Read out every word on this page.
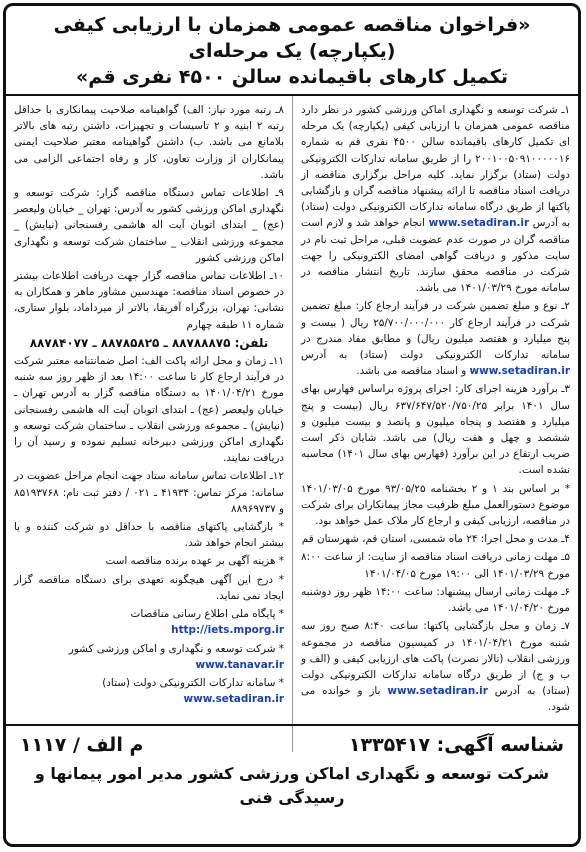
«فراخوان مناقصه عمومی همزمان با ارزیابی کیفی (یکپارچه) یک مرحله‌ای
تکمیل کارهای باقیمانده سالن ۴۵۰۰ نفری قم»

۱ـ شرکت توسعه و نگهداری اماکن ورزشی کشور در نظر دارد مناقصه عمومی همزمان با ارزیابی کیفی (یکپارچه) یک مرحله ای تکمیل کارهای باقیمانده سالن ۴۵۰۰ نفری قم به شماره ۲۰۰۱۰۰۵۰۹۱۰۰۰۰۰۱۶ را از طریق سامانه تدارکات الکترونیکی دولت (ستاد) برگزار نماید. کلیه مراحل برگزاری مناقصه از دریافت اسناد مناقصه تا ارائه پیشنهاد مناقصه گران و بازگشایی پاکتها از طریق درگاه سامانه تدارکات الکترونیکی دولت (ستاد) به آدرس www.setadiran.ir انجام خواهد شد و لازم است مناقصه گران در صورت عدم عضویت قبلی، مراحل ثبت نام در سایت مذکور و دریافت گواهی امضای الکترونیکی را جهت شرکت در مناقصه محقق سازند. تاریخ انتشار مناقصه در سامانه مورخ ۱۴۰۱/۰۳/۲۹ می باشد.

۲ـ نوع و مبلغ تضمین شرکت در فرآیند ارجاع کار: مبلغ تضمین شرکت در فرآیند ارجاع کار ۲۵/۷۰۰/۰۰۰/۰۰۰ ریال ( بیست و پنج میلیارد و هفتصد میلیون ریال) و مطابق مفاد مندرج در سامانه تدارکات الکترونیکی دولت (ستاد) به آدرس www.setadiran.ir و اسناد مناقصه می باشد.

۳ـ برآورد هزینه اجرای کار: اجرای پروژه براساس فهارس بهای سال ۱۴۰۱ برابر ۶۳۷/۶۴۷/۵۲۰/۷۵۰/۲۵ ریال (بیست و پنج میلیارد و هفتصد و پنجاه میلیون و پانصد و بیست میلیون و ششصد و چهل و هفت ریال) می باشد. شایان ذکر است ضریب ارتفاع در این برآورد (فهارس بهای سال ۱۴۰۱) محاسبه نشده است.

* بر اساس بند ۱ و ۲ بخشنامه ۹۳/۰۵/۲۵ مورخ ۱۴۰۱/۰۳/۰۵ موضوع دستورالعمل مبلغ ظرفیت مجاز پیمانکاران برای شرکت در مناقصه، ارزیابی کیفی و ارجاع کار ملاک عمل خواهد بود.

۴ـ مدت و محل اجرا: ۲۴ ماه شمسی، استان قم، شهرستان قم

۵ـ مهلت زمانی دریافت اسناد مناقصه از سایت: از ساعت ۸:۰۰ مورخ ۱۴۰۱/۰۳/۲۹ الی ۱۹:۰۰ مورخ ۱۴۰۱/۰۴/۰۵

۶ـ مهلت زمانی ارسال پیشنهاد: ساعت ۱۴:۰۰ ظهر روز دوشنبه مورخ ۱۴۰۱/۰۴/۲۰ می باشد.

۷ـ زمان و محل بازگشایی پاکتها: ساعت ۸:۴۰ صبح روز سه شنبه مورخ ۱۴۰۱/۰۴/۲۱ در کمیسیون مناقصه در مجموعه ورزشی انقلاب (تالار نصرت) پاکت های ارزیابی کیفی و (الف و ب و ج) از طریق درگاه سامانه تدارکات الکترونیکی دولت (ستاد) به آدرس www.setadiran.ir باز و خوانده می شود.

۸ـ رتبه مورد نیاز: الف) گواهینامه صلاحیت پیمانکاری با حداقل رتبه ۲ ابنیه و ۲ تاسیسات و تجهیزات، داشتن رتبه های بالاتر بلامانع می باشد. ب) داشتن گواهینامه معتبر صلاحیت ایمنی پیمانکاران از وزارت تعاون، کار و رفاه اجتماعی الزامی می باشد.

۹ـ اطلاعات تماس دستگاه مناقصه گزار: شرکت توسعه و نگهداری اماکن ورزشی کشور به آدرس: تهران _ خیابان ولیعصر (عج) _ ابتدای اتوبان آیت اله هاشمی رفسنجانی (نیایش) _ مجموعه ورزشی انقلاب _ ساختمان شرکت توسعه و نگهداری اماکن ورزشی کشور

۱۰ـ اطلاعات تماس مناقصه گزار جهت دریافت اطلاعات بیشتر در خصوص اسناد مناقصه: مهندسین مشاور ماهر و همکاران به نشانی: تهران، بزرگراه آفریقا، بالاتر از میرداماد، بلوار ستاری، شماره ۱۱ طبقه چهارم

تلفن: ۸۸۷۸۸۸۷۵ ـ ۸۸۷۸۵۸۲۵ ـ ۸۸۷۸۴۰۷۷

۱۱ـ زمان و محل ارائه پاکت الف: اصل ضمانتنامه معتبر شرکت در فرآیند ارجاع کار تا ساعت ۱۴:۰۰ بعد از ظهر روز سه شنبه مورخ ۱۴۰۱/۰۴/۲۱ به دستگاه مناقصه گزار به آدرس تهران ـ خیابان ولیعصر (عج) ـ ابتدای اتوبان آیت اله هاشمی رفسنجانی (نیایش) ـ مجموعه ورزشی انقلاب ـ ساختمان شرکت توسعه و نگهداری اماکن ورزشی دبیرخانه تسلیم نموده و رسید آن را دریافت نمایند.

۱۲ـ اطلاعات تماس سامانه ستاد جهت انجام مراحل عضویت در سامانه: مرکز تماس: ۴۱۹۳۴ ـ ۰۲۱ / دفتر ثبت نام: ۸۵۱۹۳۷۶۸ و ۸۸۹۶۹۷۳۷

* بازگشایی پاکتهای مناقصه با حداقل دو شرکت کننده و یا بیشتر انجام خواهد شد.

* هزینه آگهی بر عهده برنده مناقصه است

* درج این آگهی هیچگونه تعهدی برای دستگاه مناقصه گزار ایجاد نمی نماید.

* پایگاه ملی اطلاع رسانی مناقصات
http://iets.mporg.ir

* شرکت توسعه و نگهداری و اماکن ورزشی کشور
www.tanavar.ir

* سامانه تدارکات الکترونیکی دولت (ستاد)
www.setadiran.ir

شناسه آگهی: ۱۳۳۵۴۱۷
م الف / ۱۱۱۷
شرکت توسعه و نگهداری اماکن ورزشی کشور مدیر امور پیمانها و رسیدگی فنی
